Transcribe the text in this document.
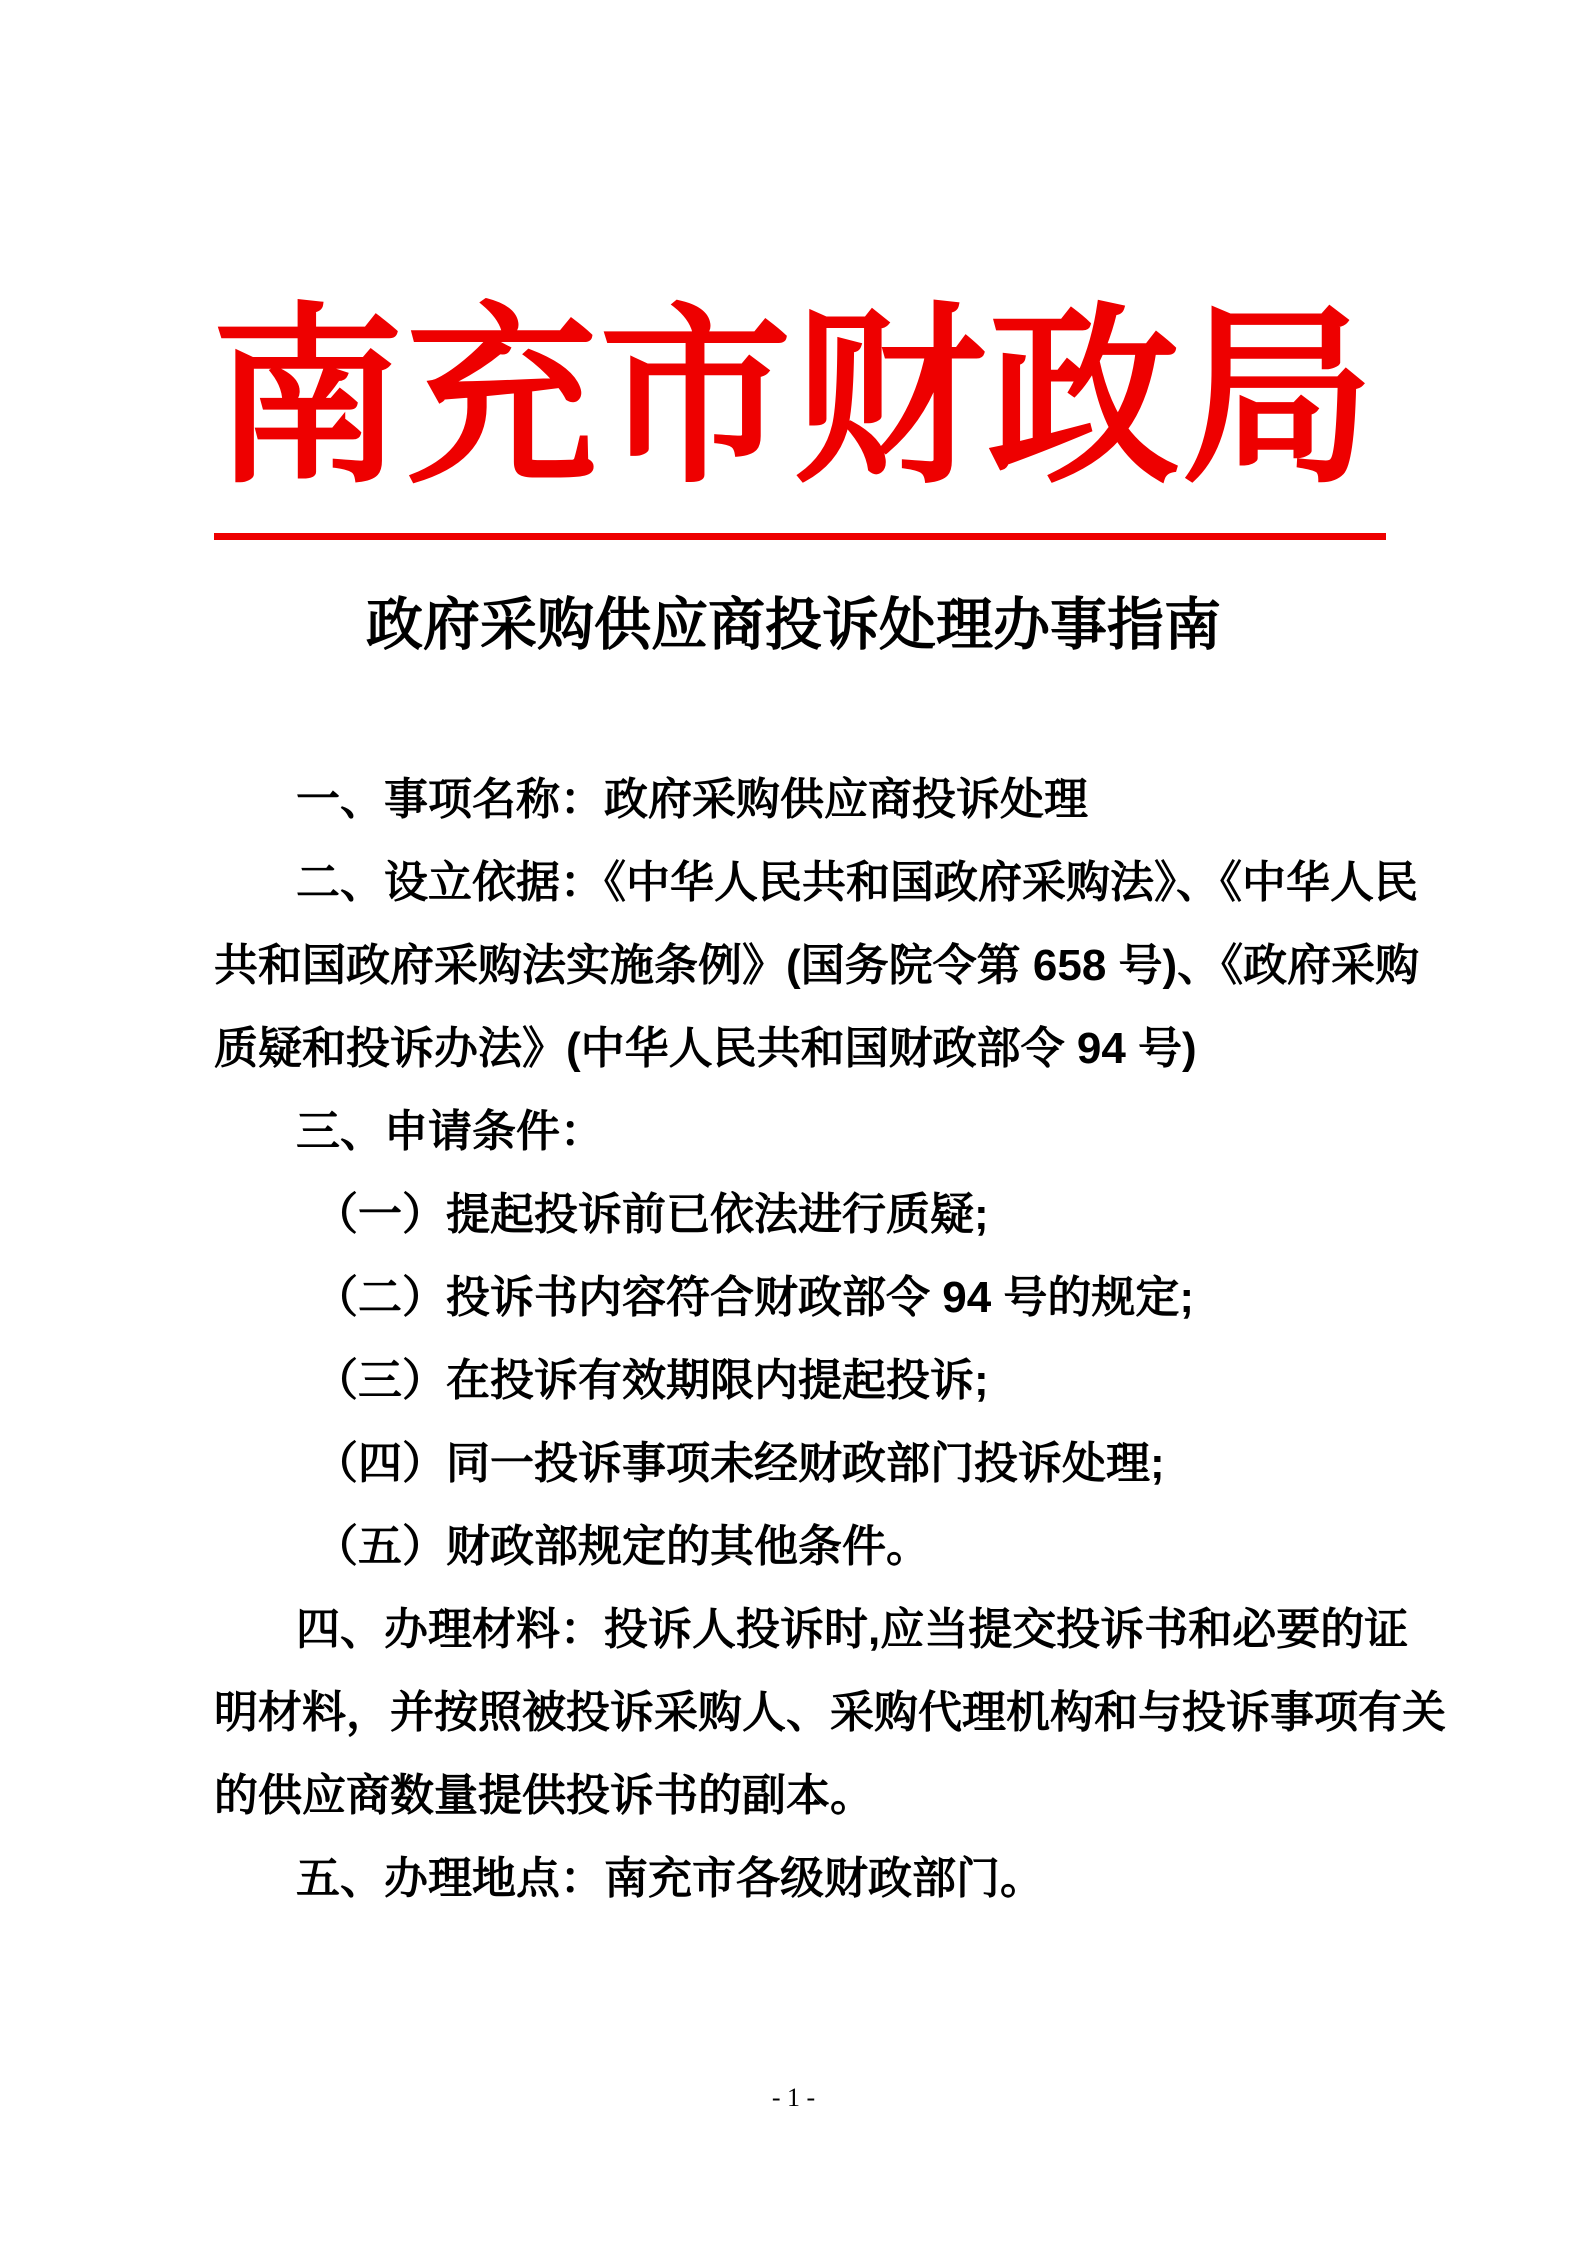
南充市财政局
政府采购供应商投诉处理办事指南
一、事项名称：政府采购供应商投诉处理
二、设立依据：《中华人民共和国政府采购法》、《中华人民
共和国政府采购法实施条例》(国务院令第 658 号)、《政府采购
质疑和投诉办法》(中华人民共和国财政部令 94 号)
三、申请条件：
（一）提起投诉前已依法进行质疑;
（二）投诉书内容符合财政部令 94 号的规定;
（三）在投诉有效期限内提起投诉;
（四）同一投诉事项未经财政部门投诉处理;
（五）财政部规定的其他条件。
四、办理材料：投诉人投诉时,应当提交投诉书和必要的证
明材料，并按照被投诉采购人、采购代理机构和与投诉事项有关
的供应商数量提供投诉书的副本。
五、办理地点：南充市各级财政部门。
- 1 -
